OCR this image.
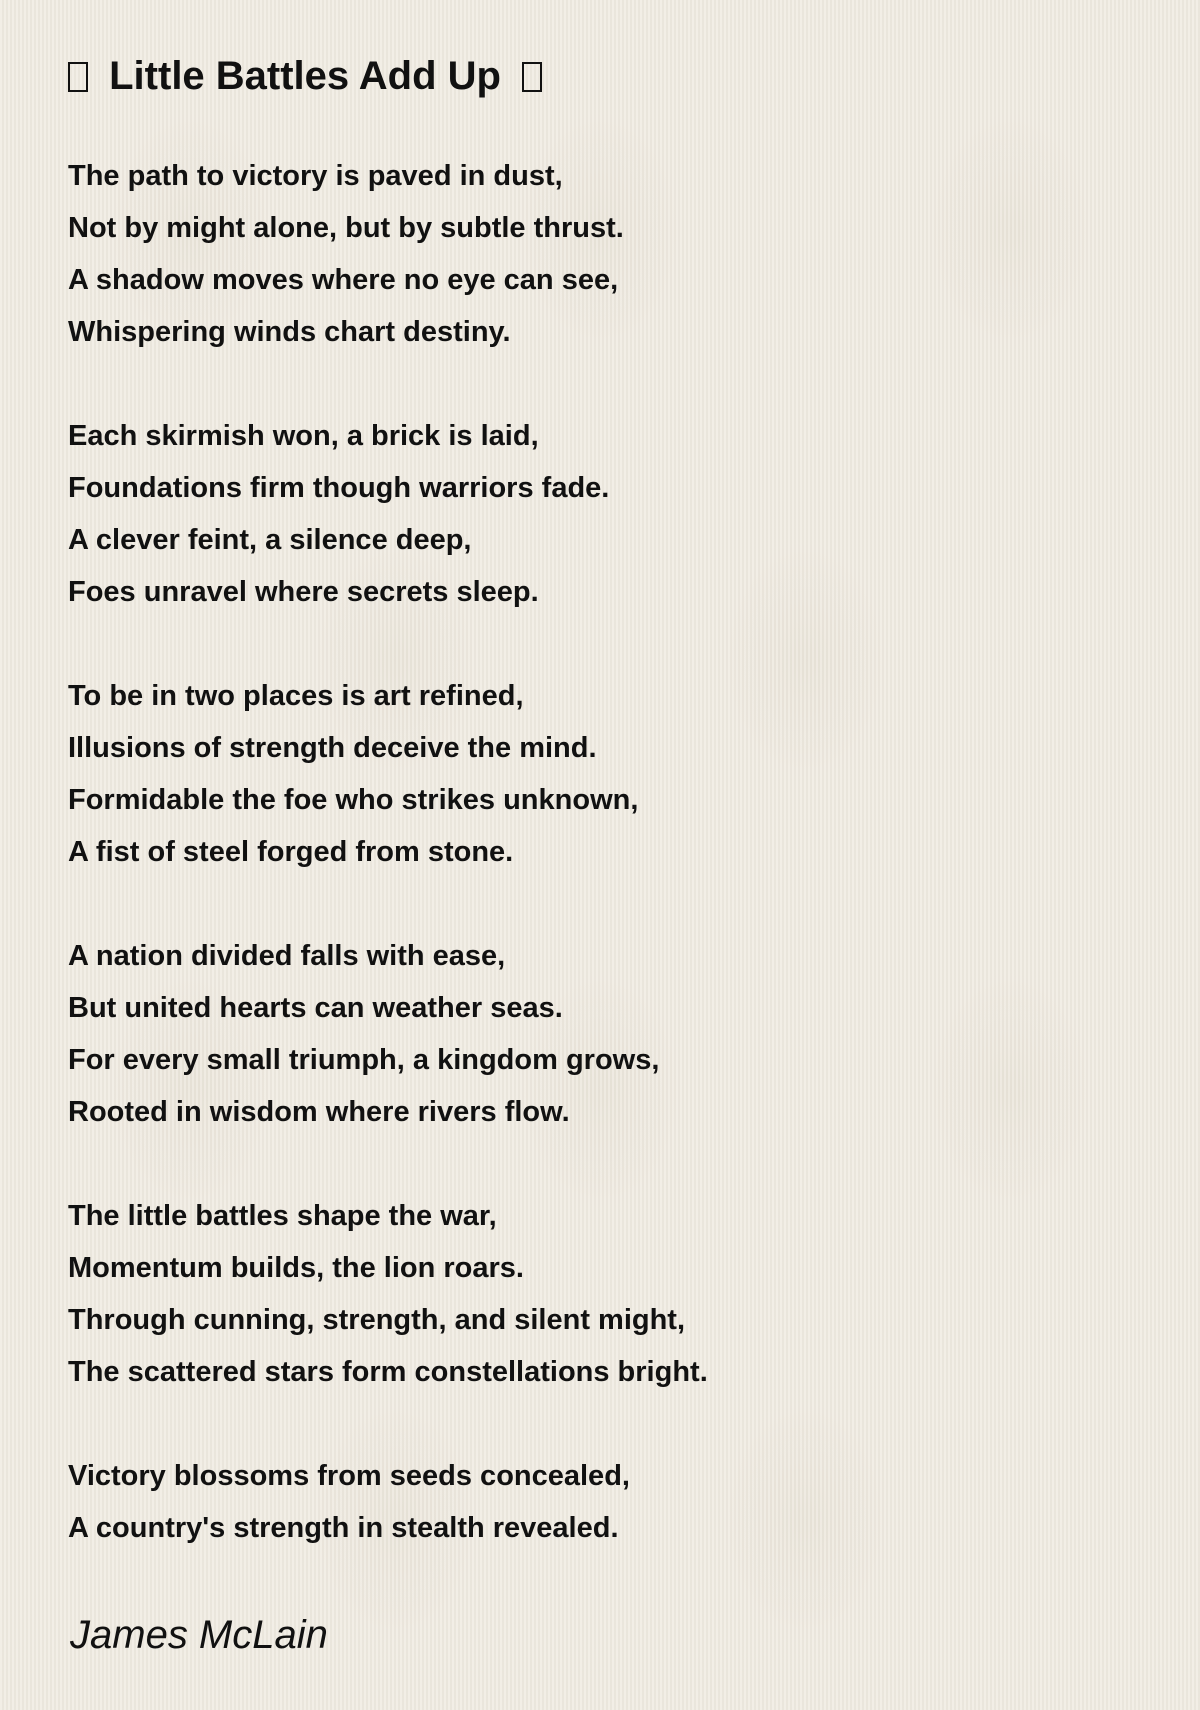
Little Battles Add Up
The path to victory is paved in dust,
Not by might alone, but by subtle thrust.
A shadow moves where no eye can see,
Whispering winds chart destiny.
Each skirmish won, a brick is laid,
Foundations firm though warriors fade.
A clever feint, a silence deep,
Foes unravel where secrets sleep.
To be in two places is art refined,
Illusions of strength deceive the mind.
Formidable the foe who strikes unknown,
A fist of steel forged from stone.
A nation divided falls with ease,
But united hearts can weather seas.
For every small triumph, a kingdom grows,
Rooted in wisdom where rivers flow.
The little battles shape the war,
Momentum builds, the lion roars.
Through cunning, strength, and silent might,
The scattered stars form constellations bright.
Victory blossoms from seeds concealed,
A country's strength in stealth revealed.
James McLain
